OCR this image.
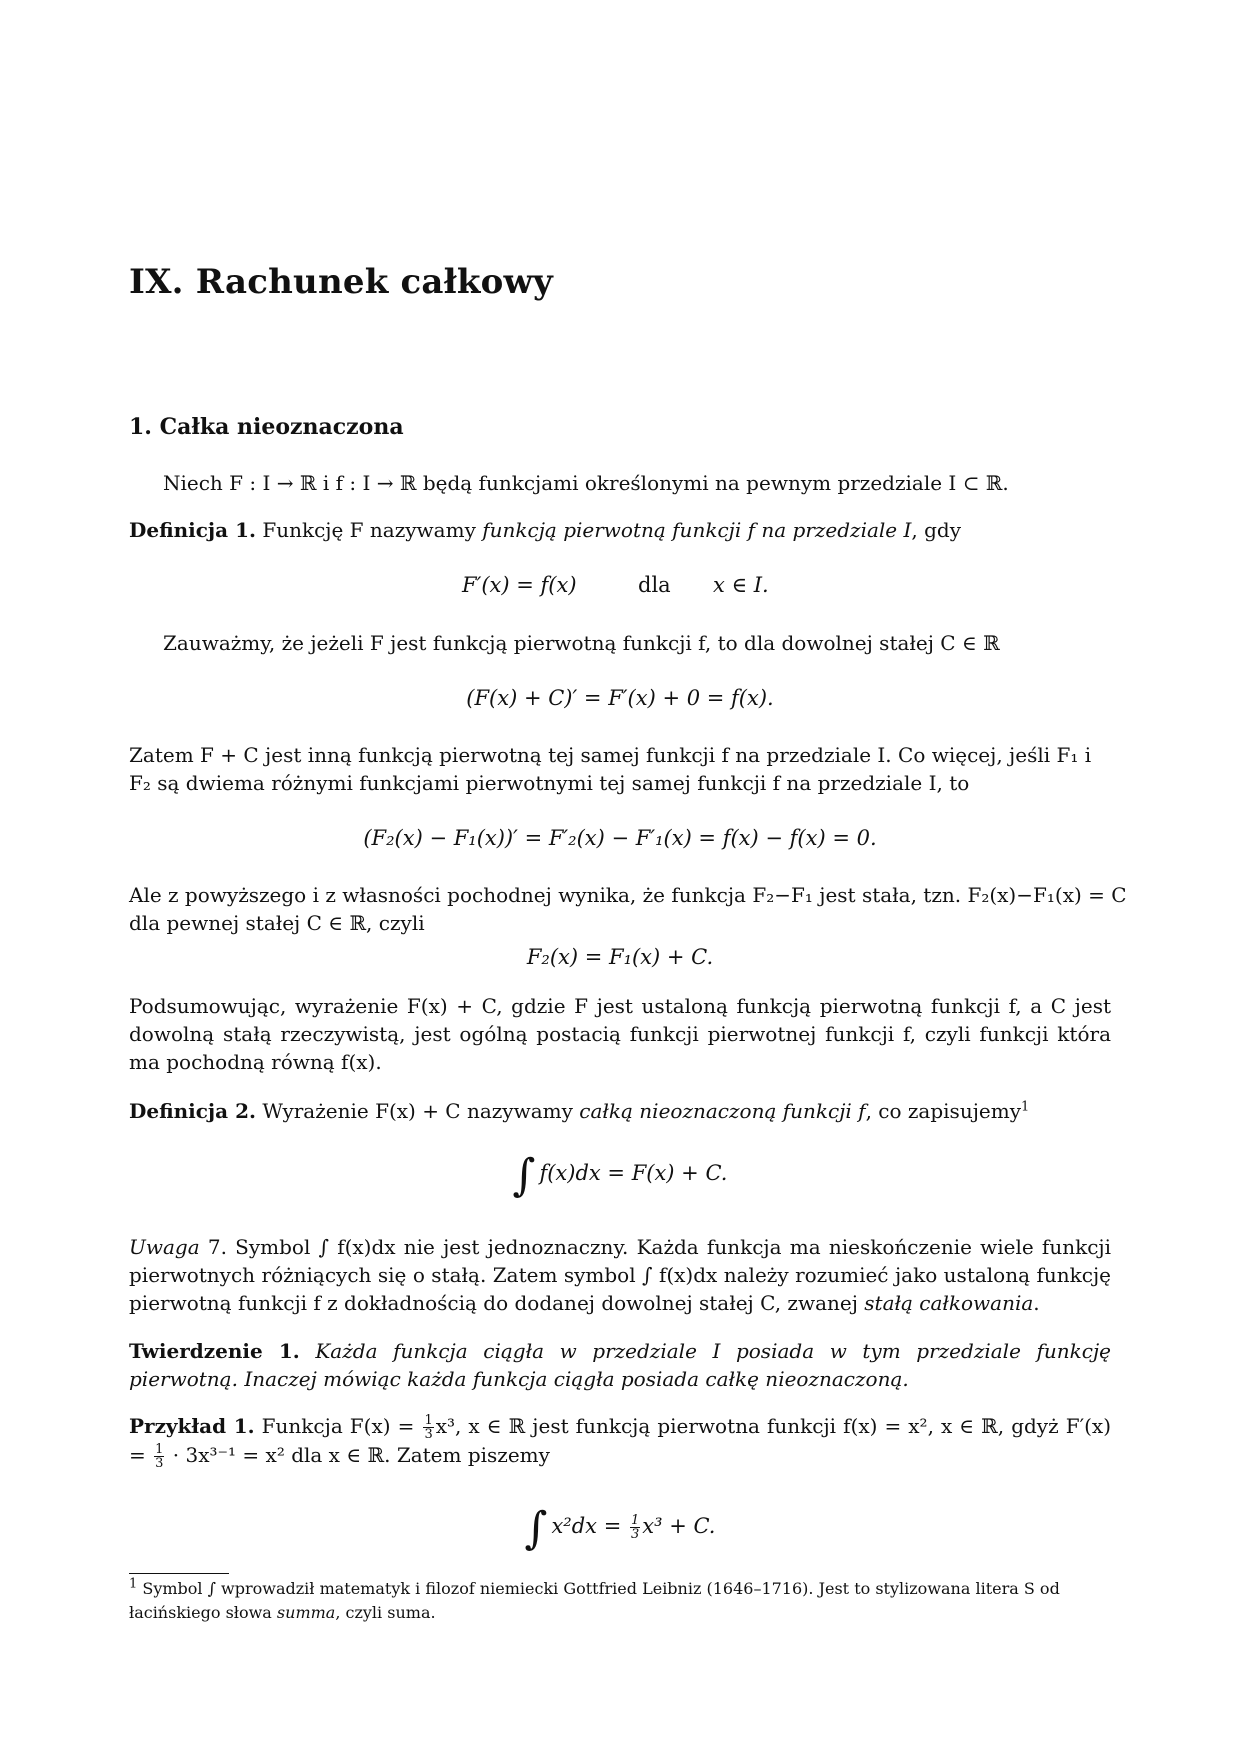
IX. Rachunek całkowy
1. Całka nieoznaczona
Niech F : I → ℝ i f : I → ℝ będą funkcjami określonymi na pewnym przedziale I ⊂ ℝ.
Definicja 1. Funkcję F nazywamy funkcją pierwotną funkcji f na przedziale I, gdy
F′(x) = f(x)	dla x ∈ I.
Zauważmy, że jeżeli F jest funkcją pierwotną funkcji f, to dla dowolnej stałej C ∈ ℝ
(F(x) + C)′ = F′(x) + 0 = f(x).
Zatem F + C jest inną funkcją pierwotną tej samej funkcji f na przedziale I. Co więcej, jeśli F₁ i
F₂ są dwiema różnymi funkcjami pierwotnymi tej samej funkcji f na przedziale I, to
(F₂(x) − F₁(x))′ = F′₂(x) − F′₁(x) = f(x) − f(x) = 0.
Ale z powyższego i z własności pochodnej wynika, że funkcja F₂−F₁ jest stała, tzn. F₂(x)−F₁(x) = C
dla pewnej stałej C ∈ ℝ, czyli
F₂(x) = F₁(x) + C.
Podsumowując, wyrażenie F(x) + C, gdzie F jest ustaloną funkcją pierwotną funkcji f, a C jest dowolną stałą rzeczywistą, jest ogólną postacią funkcji pierwotnej funkcji f, czyli funkcji która ma pochodną równą f(x).
Definicja 2. Wyrażenie F(x) + C nazywamy całką nieoznaczoną funkcji f, co zapisujemy$^1$
∫ f(x)dx = F(x) + C.
Uwaga 7. Symbol ∫ f(x)dx nie jest jednoznaczny. Każda funkcja ma nieskończenie wiele funkcji pierwotnych różniących się o stałą. Zatem symbol ∫ f(x)dx należy rozumieć jako ustaloną funkcję pierwotną funkcji f z dokładnością do dodanej dowolnej stałej C, zwanej stałą całkowania.
Twierdzenie 1. Każda funkcja ciągła w przedziale I posiada w tym przedziale funkcję pierwotną. Inaczej mówiąc każda funkcja ciągła posiada całkę nieoznaczoną.
Przykład 1. Funkcja $F(x) = \frac{1}{3} x^3$, x ∈ ℝ jest funkcją pierwotna funkcji f(x) = x², x ∈ ℝ, gdyż $F'(x) = \frac{1}{3} \cdot 3x^{3-1} = x^2$ dla x ∈ ℝ. Zatem piszemy
∫ $x^2dx = \frac{1}{3} x^3 + C$.
$^1$ Symbol ∫ wprowadził matematyk i filozof niemiecki Gottfried Leibniz (1646–1716). Jest to stylizowana litera S od łacińskiego słowa summa, czyli suma.
